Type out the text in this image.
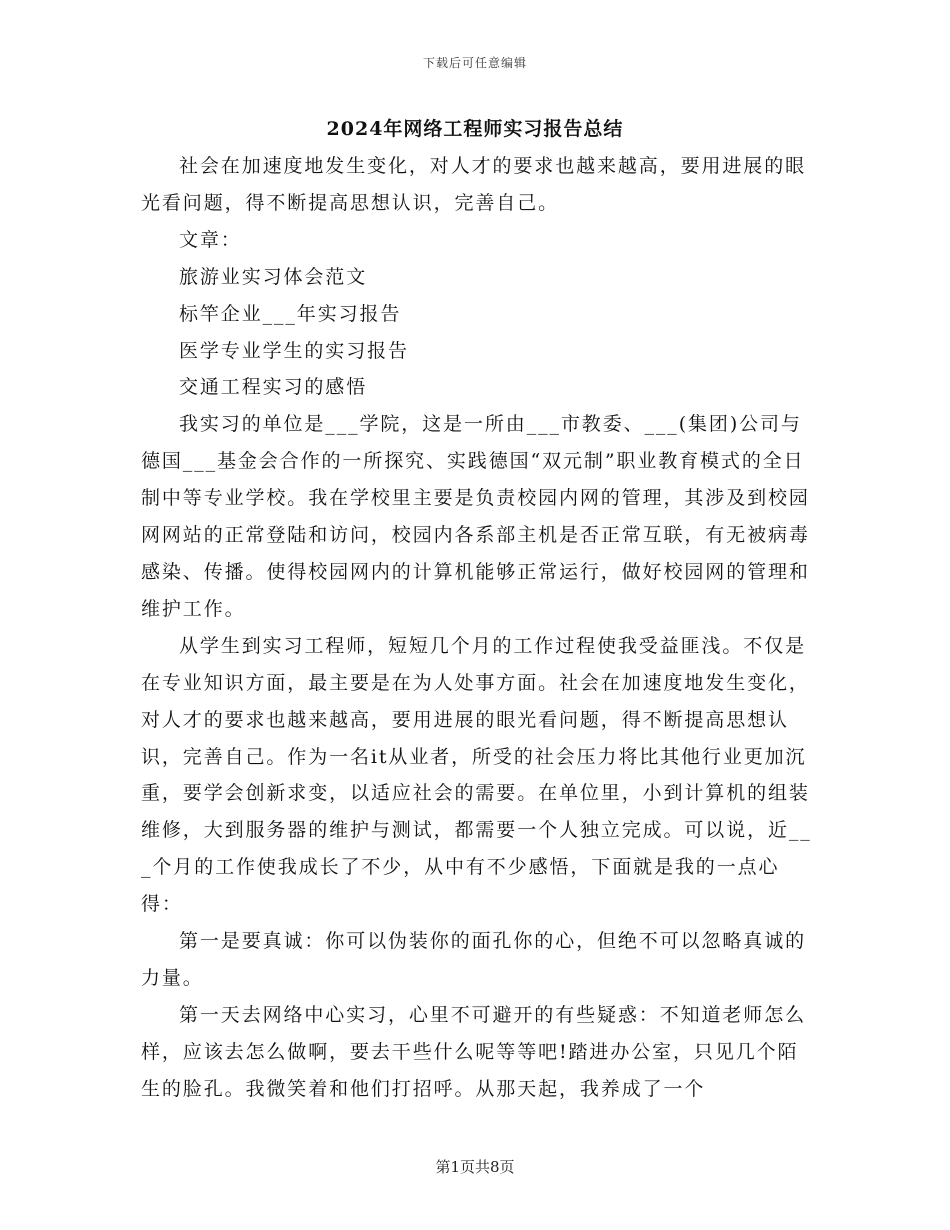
下载后可任意编辑
2024年网络工程师实习报告总结

社会在加速度地发生变化，对人才的要求也越来越高，要用进展的眼光看问题，得不断提高思想认识，完善自己。

文章：

旅游业实习体会范文

标竿企业___年实习报告

医学专业学生的实习报告

交通工程实习的感悟

我实习的单位是___学院，这是一所由___市教委、___(集团)公司与德国___基金会合作的一所探究、实践德国“双元制”职业教育模式的全日制中等专业学校。我在学校里主要是负责校园内网的管理，其涉及到校园网网站的正常登陆和访问，校园内各系部主机是否正常互联，有无被病毒感染、传播。使得校园网内的计算机能够正常运行，做好校园网的管理和维护工作。

从学生到实习工程师，短短几个月的工作过程使我受益匪浅。不仅是在专业知识方面，最主要是在为人处事方面。社会在加速度地发生变化，对人才的要求也越来越高，要用进展的眼光看问题，得不断提高思想认识，完善自己。作为一名it从业者，所受的社会压力将比其他行业更加沉重，要学会创新求变，以适应社会的需要。在单位里，小到计算机的组装维修，大到服务器的维护与测试，都需要一个人独立完成。可以说，近___个月的工作使我成长了不少，从中有不少感悟，下面就是我的一点心得：

第一是要真诚：你可以伪装你的面孔你的心，但绝不可以忽略真诚的力量。

第一天去网络中心实习，心里不可避开的有些疑惑：不知道老师怎么样，应该去怎么做啊，要去干些什么呢等等吧!踏进办公室，只见几个陌生的脸孔。我微笑着和他们打招呼。从那天起，我养成了一个

第1页共8页
